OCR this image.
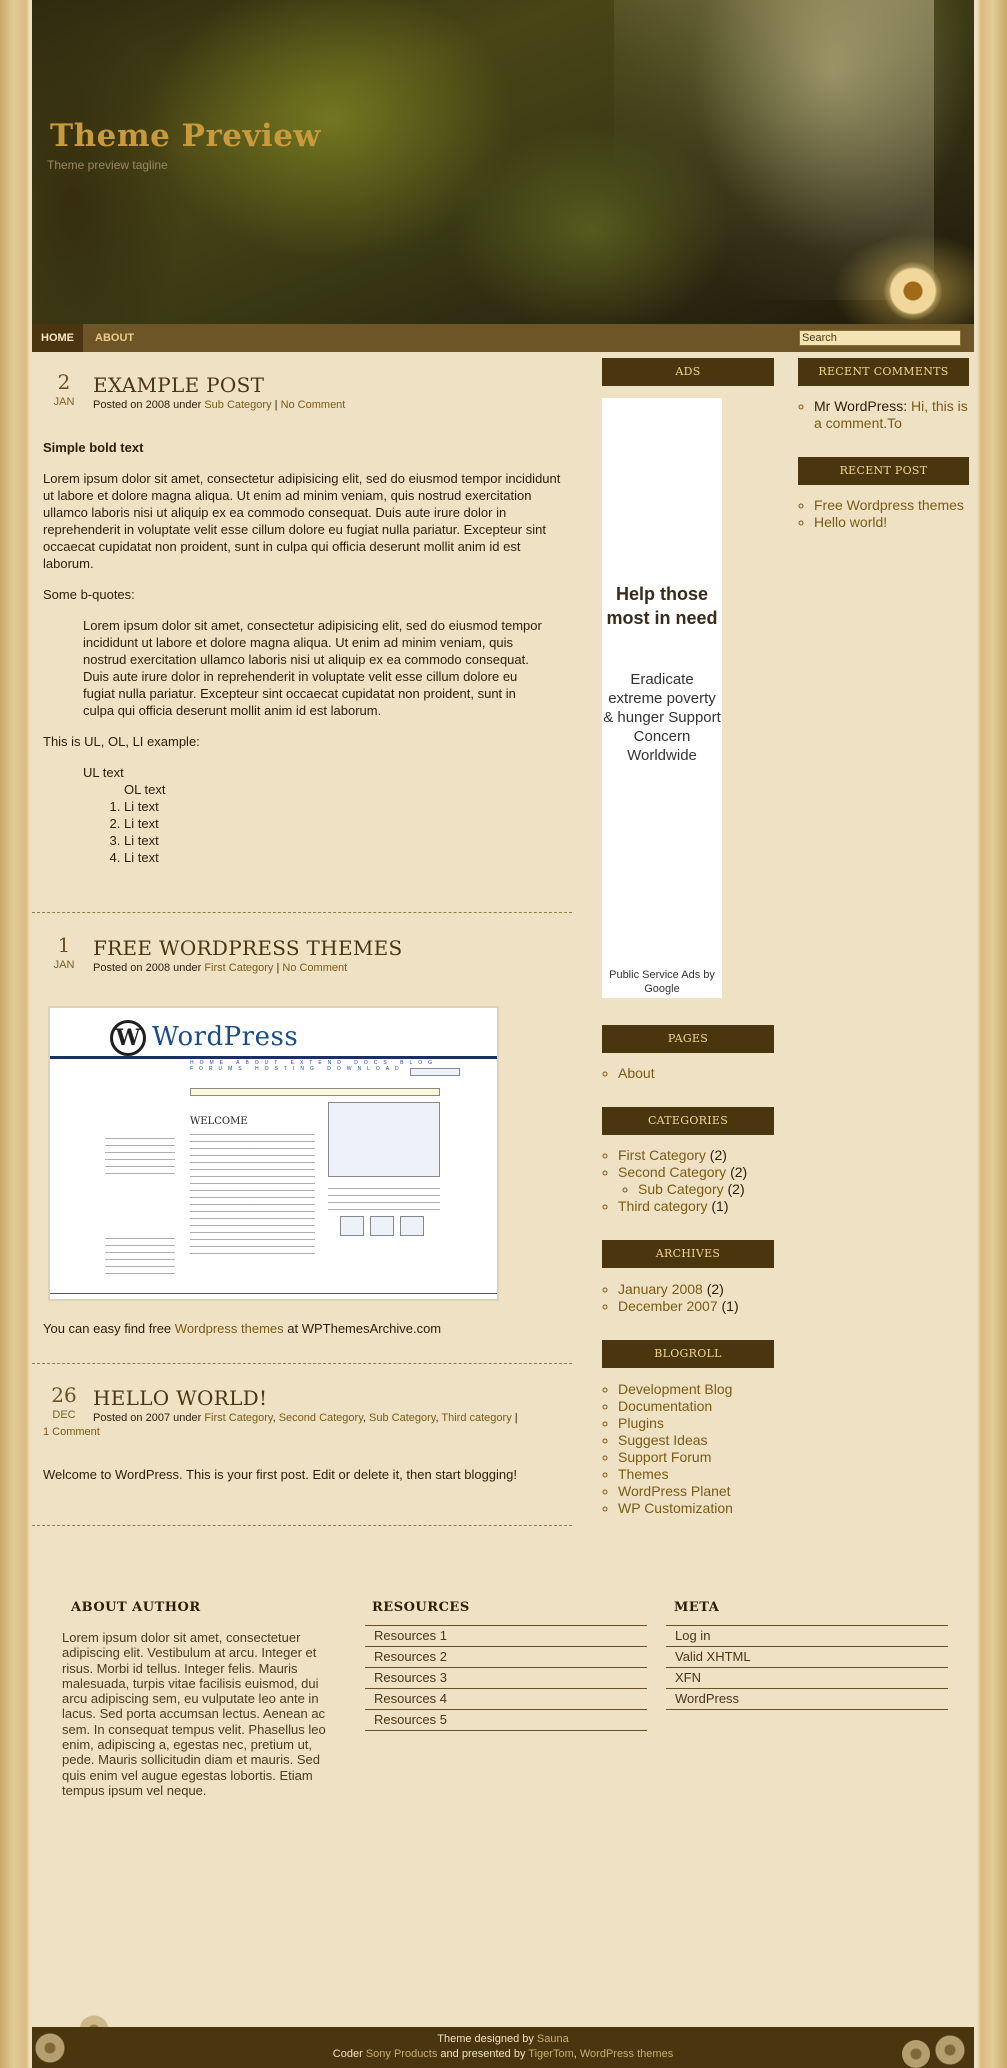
Theme Preview
Theme preview tagline
HOME	ABOUT
Search
2
JAN
EXAMPLE POST
Posted on 2008 under Sub Category | No Comment

Simple bold text

Lorem ipsum dolor sit amet, consectetur adipisicing elit, sed do eiusmod tempor incididunt ut labore et dolore magna aliqua. Ut enim ad minim veniam, quis nostrud exercitation ullamco laboris nisi ut aliquip ex ea commodo consequat. Duis aute irure dolor in reprehenderit in voluptate velit esse cillum dolore eu fugiat nulla pariatur. Excepteur sint occaecat cupidatat non proident, sunt in culpa qui officia deserunt mollit anim id est laborum.

Some b-quotes:

Lorem ipsum dolor sit amet, consectetur adipisicing elit, sed do eiusmod tempor incididunt ut labore et dolore magna aliqua. Ut enim ad minim veniam, quis nostrud exercitation ullamco laboris nisi ut aliquip ex ea commodo consequat. Duis aute irure dolor in reprehenderit in voluptate velit esse cillum dolore eu fugiat nulla pariatur. Excepteur sint occaecat cupidatat non proident, sunt in culpa qui officia deserunt mollit anim id est laborum.

This is UL, OL, LI example:

UL text
OL text
1. Li text
2. Li text
3. Li text
4. Li text
1
JAN
FREE WORDPRESS THEMES
Posted on 2008 under First Category | No Comment
W WordPress
HOME ABOUT EXTEND DOCS BLOG FORUMS HOSTING DOWNLOAD
WELCOME

You can easy find free Wordpress themes at WPThemesArchive.com

26
DEC
HELLO WORLD!
Posted on 2007 under First Category, Second Category, Sub Category, Third category |
1 Comment

Welcome to WordPress. This is your first post. Edit or delete it, then start blogging!

ADS
Help those most in need
Eradicate extreme poverty & hunger Support Concern Worldwide
Public Service Ads by Google
PAGES
◦ About
CATEGORIES
◦ First Category (2)
◦ Second Category (2)
◦ Sub Category (2)
◦ Third category (1)
ARCHIVES
◦ January 2008 (2)
◦ December 2007 (1)
BLOGROLL
◦ Development Blog
◦ Documentation
◦ Plugins
◦ Suggest Ideas
◦ Support Forum
◦ Themes
◦ WordPress Planet
◦ WP Customization
RECENT COMMENTS
◦ Mr WordPress: Hi, this is a comment.To
RECENT POST
◦ Free Wordpress themes
◦ Hello world!
ABOUT AUTHOR
Lorem ipsum dolor sit amet, consectetuer adipiscing elit. Vestibulum at arcu. Integer et risus. Morbi id tellus. Integer felis. Mauris malesuada, turpis vitae facilisis euismod, dui arcu adipiscing sem, eu vulputate leo ante in lacus. Sed porta accumsan lectus. Aenean ac sem. In consequat tempus velit. Phasellus leo enim, adipiscing a, egestas nec, pretium ut, pede. Mauris sollicitudin diam et mauris. Sed quis enim vel augue egestas lobortis. Etiam tempus ipsum vel neque.
RESOURCES
Resources 1
Resources 2
Resources 3
Resources 4
Resources 5
META
Log in
Valid XHTML
XFN
WordPress
Theme designed by Sauna
Coder Sony Products and presented by TigerTom, WordPress themes
